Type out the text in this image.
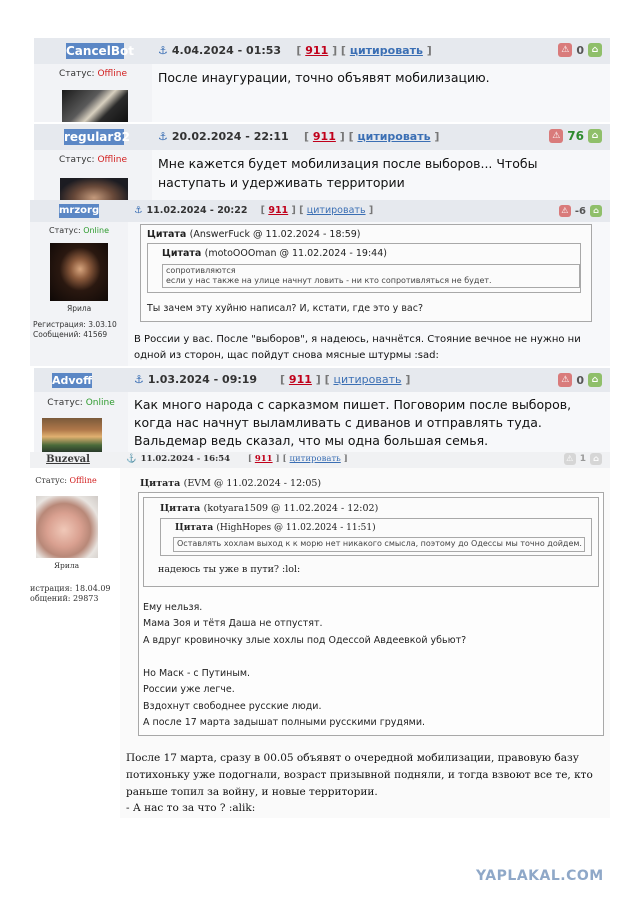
CancelBot ⚓ 4.04.2024 - 01:53 [ 911 ] [ цитировать ]	⚠ 0 ⌂
Статус: Offline	После инаугурации, точно объявят мобилизацию.
regular82	⚓ 20.02.2024 - 22:11 [ 911 ] [ цитировать ]	⚠ 76 ⌂
Статус: Offline	Мне кажется будет мобилизация после выборов... Чтобы наступать и удерживать территории
mrzorg	⚓ 11.02.2024 - 20:22 [ 911 ] [ цитировать ]	⚠ -6 ⌂
Статус: Online
Ярила
Регистрация: 3.03.10
Сообщений: 41569
Цитата (AnswerFuck @ 11.02.2024 - 18:59)
Цитата (motoOOOman @ 11.02.2024 - 19:44)
сопротивляются
если у нас также на улице начнут ловить - ни кто сопротивляться не будет.
Ты зачем эту хуйню написал? И, кстати, где это у вас?
В России у вас. После "выборов", я надеюсь, начнётся. Стояние вечное не нужно ни одной из сторон, щас пойдут снова мясные штурмы :sad:
Advoff	⚓ 1.03.2024 - 09:19 [ 911 ] [ цитировать ]	⚠ 0 ⌂
Статус: Online	Как много народа с сарказмом пишет. Поговорим после выборов, когда нас начнут выламливать с диванов и отправлять туда. Вальдемар ведь сказал, что мы одна большая семья.
Buzeval	⚓ 11.02.2024 - 16:54 [ 911 ] [ цитировать ]	⚠ 1 ⌂
Статус: Offline
Ярила
истрация: 18.04.09
общений: 29873
Цитата (EVM @ 11.02.2024 - 12:05)
Цитата (kotyara1509 @ 11.02.2024 - 12:02)
Цитата (HighHopes @ 11.02.2024 - 11:51)
Оставлять хохлам выход к к морю нет никакого смысла, поэтому до Одессы мы точно дойдем.
надеюсь ты уже в пути? :lol:
Ему нельзя.
Мама Зоя и тётя Даша не отпустят.
А вдруг кровиночку злые хохлы под Одессой Авдеевкой убьют?
Но Маск - с Путиным.
России уже легче.
Вздохнут свободнее русские люди.
А после 17 марта задышат полными русскими грудями.
После 17 марта, сразу в 00.05 объявят о очередной мобилизации, правовую базу потихоньку уже подогнали, возраст призывной подняли, и тогда взвоют все те, кто раньше топил за войну, и новые территории.
- А нас то за что ? :alik:
YAPLAKAL.COM
